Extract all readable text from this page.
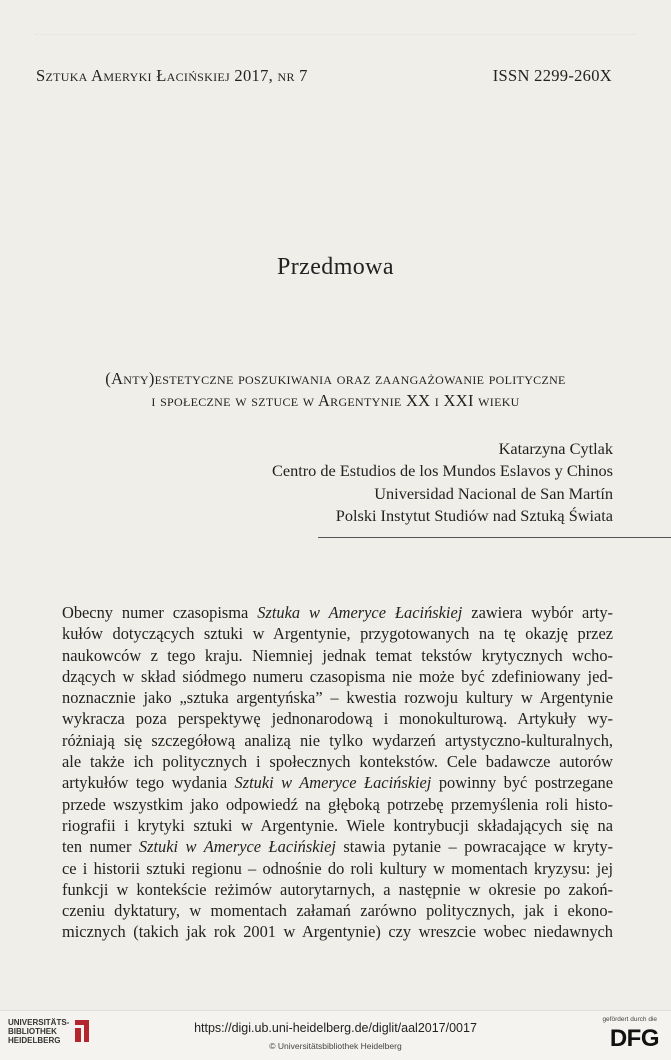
Sztuka Ameryki Łacińskiej 2017, nr 7	ISSN 2299-260X
Przedmowa
(Anty)estetyczne poszukiwania oraz zaangażowanie polityczne
i społeczne w sztuce w Argentynie XX i XXI wieku
Katarzyna Cytlak
Centro de Estudios de los Mundos Eslavos y Chinos
Universidad Nacional de San Martín
Polski Instytut Studiów nad Sztuką Świata
Obecny numer czasopisma Sztuka w Ameryce Łacińskiej zawiera wybór arty-
kułów dotyczących sztuki w Argentynie, przygotowanych na tę okazję przez
naukowców z tego kraju. Niemniej jednak temat tekstów krytycznych wcho-
dzących w skład siódmego numeru czasopisma nie może być zdefiniowany jed-
noznacznie jako „sztuka argentyńska” – kwestia rozwoju kultury w Argentynie
wykracza poza perspektywę jednonarodową i monokulturową. Artykuły wy-
różniają się szczegółową analizą nie tylko wydarzeń artystyczno-kulturalnych,
ale także ich politycznych i społecznych kontekstów. Cele badawcze autorów
artykułów tego wydania Sztuki w Ameryce Łacińskiej powinny być postrzegane
przede wszystkim jako odpowiedź na głęboką potrzebę przemyślenia roli histo-
riografii i krytyki sztuki w Argentynie. Wiele kontrybucji składających się na
ten numer Sztuki w Ameryce Łacińskiej stawia pytanie – powracające w kryty-
ce i historii sztuki regionu – odnośnie do roli kultury w momentach kryzysu: jej
funkcji w kontekście reżimów autorytarnych, a następnie w okresie po zakoń-
czeniu dyktatury, w momentach załamań zarówno politycznych, jak i ekono-
micznych (takich jak rok 2001 w Argentynie) czy wreszcie wobec niedawnych
UNIVERSITÄTS-
BIBLIOTHEK
HEIDELBERG
https://digi.ub.uni-heidelberg.de/diglit/aal2017/0017
© Universitätsbibliothek Heidelberg
gefördert durch die
DFG
